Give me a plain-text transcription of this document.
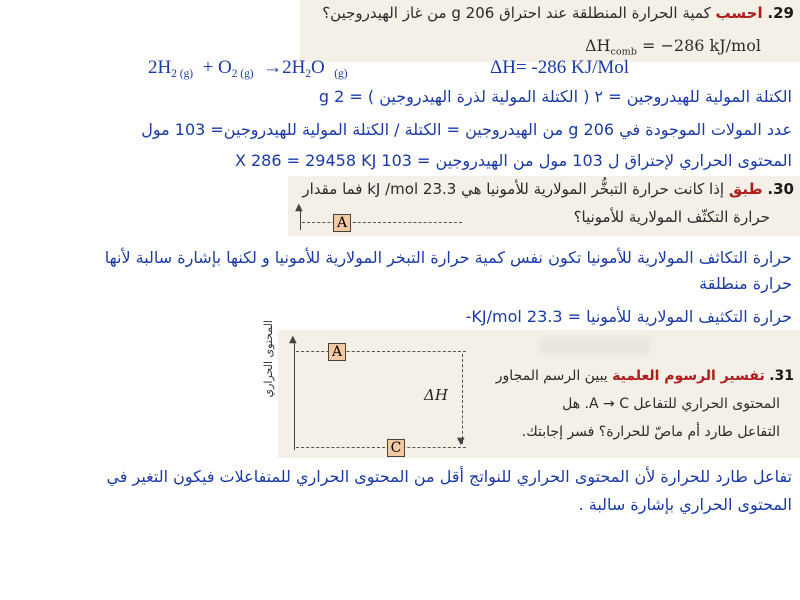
29. احسب كمية الحرارة المنطلقة عند احتراق 206 g من غاز الهيدروجين؟
$\Delta H_{comb} = -286$ kJ/mol
$2H_{2 (g)} + O_{2 (g)} \to 2H_2O$ $_{(g)}$	ΔH= -286 KJ/Mol
الكتلة المولية للهيدروجين = ٢ ( الكتلة المولية لذرة الهيدروجين ) = 2 g
عدد المولات الموجودة في 206 g من الهيدروجين = الكتلة / الكتلة المولية للهيدروجين= 103 مول
المحتوى الحراري لإحتراق ل 103 مول من الهيدروجين = 103 X 286 = 29458 KJ
30. طبق إذا كانت حرارة التبخُّر المولارية للأمونيا هي 23.3 kJ /mol فما مقدار
حرارة التكثّف المولارية للأمونيا؟
▲
A
حرارة التكاثف المولارية للأمونيا تكون نفس كمية حرارة التبخر المولارية للأمونيا و لكنها بإشارة سالبة لأنها
حرارة منطلقة
حرارة التكثيف المولارية للأمونيا = 23.3 KJ/mol-
المحتوى الحراري ▲
A
C	▼
ΔH
31. تفسير الرسوم العلمية يبين الرسم المجاور
المحتوى الحراري للتفاعل A → C. هل
التفاعل طارد أم ماصّ للحرارة؟ فسر إجابتك.
تفاعل طارد للحرارة لأن المحتوى الحراري للنواتج أقل من المحتوى الحراري للمتفاعلات فيكون التغير في
المحتوى الحراري بإشارة سالبة .
